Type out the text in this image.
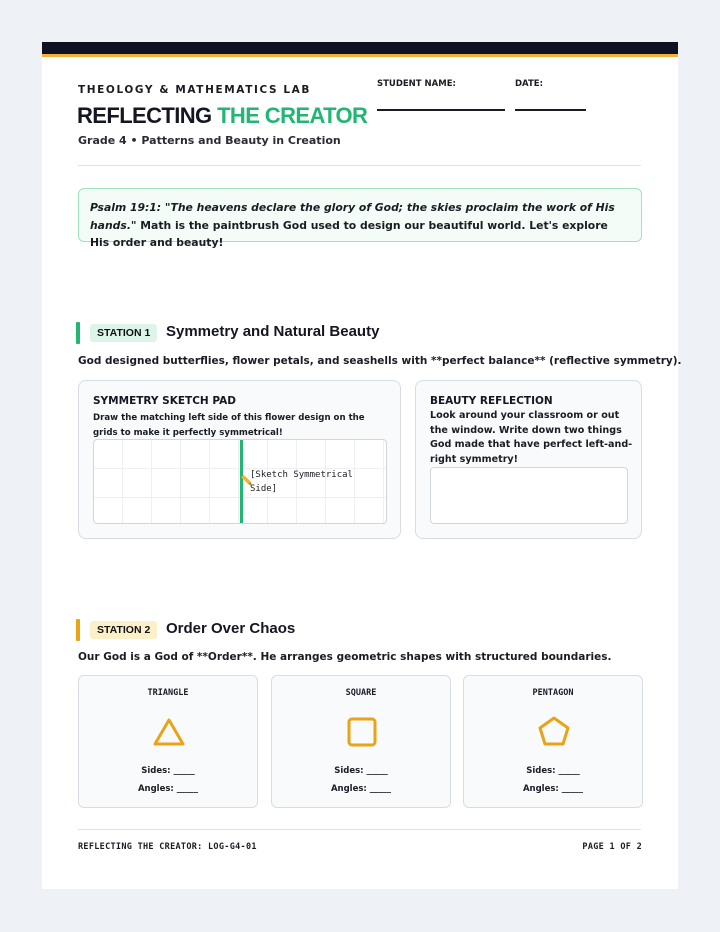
THEOLOGY & MATHEMATICS LAB
REFLECTING THE CREATOR
Grade 4 • Patterns and Beauty in Creation
STUDENT NAME:	DATE:
Psalm 19:1: "The heavens declare the glory of God; the skies proclaim the work of His hands." Math is the paintbrush God used to design our beautiful world. Let's explore His order and beauty!
STATION 1	Symmetry and Natural Beauty
God designed butterflies, flower petals, and seashells with **perfect balance** (reflective symmetry).
SYMMETRY SKETCH PAD
Draw the matching left side of this flower design on the grids to make it perfectly symmetrical!
[Sketch Symmetrical Side]
BEAUTY REFLECTION
Look around your classroom or out the window. Write down two things God made that have perfect left-and-right symmetry!
STATION 2	Order Over Chaos
Our God is a God of **Order**. He arranges geometric shapes with structured boundaries.
TRIANGLE
Sides: _____
Angles: _____
SQUARE
Sides: _____
Angles: _____
PENTAGON
Sides: _____
Angles: _____
REFLECTING THE CREATOR: LOG-G4-01	PAGE 1 OF 2
